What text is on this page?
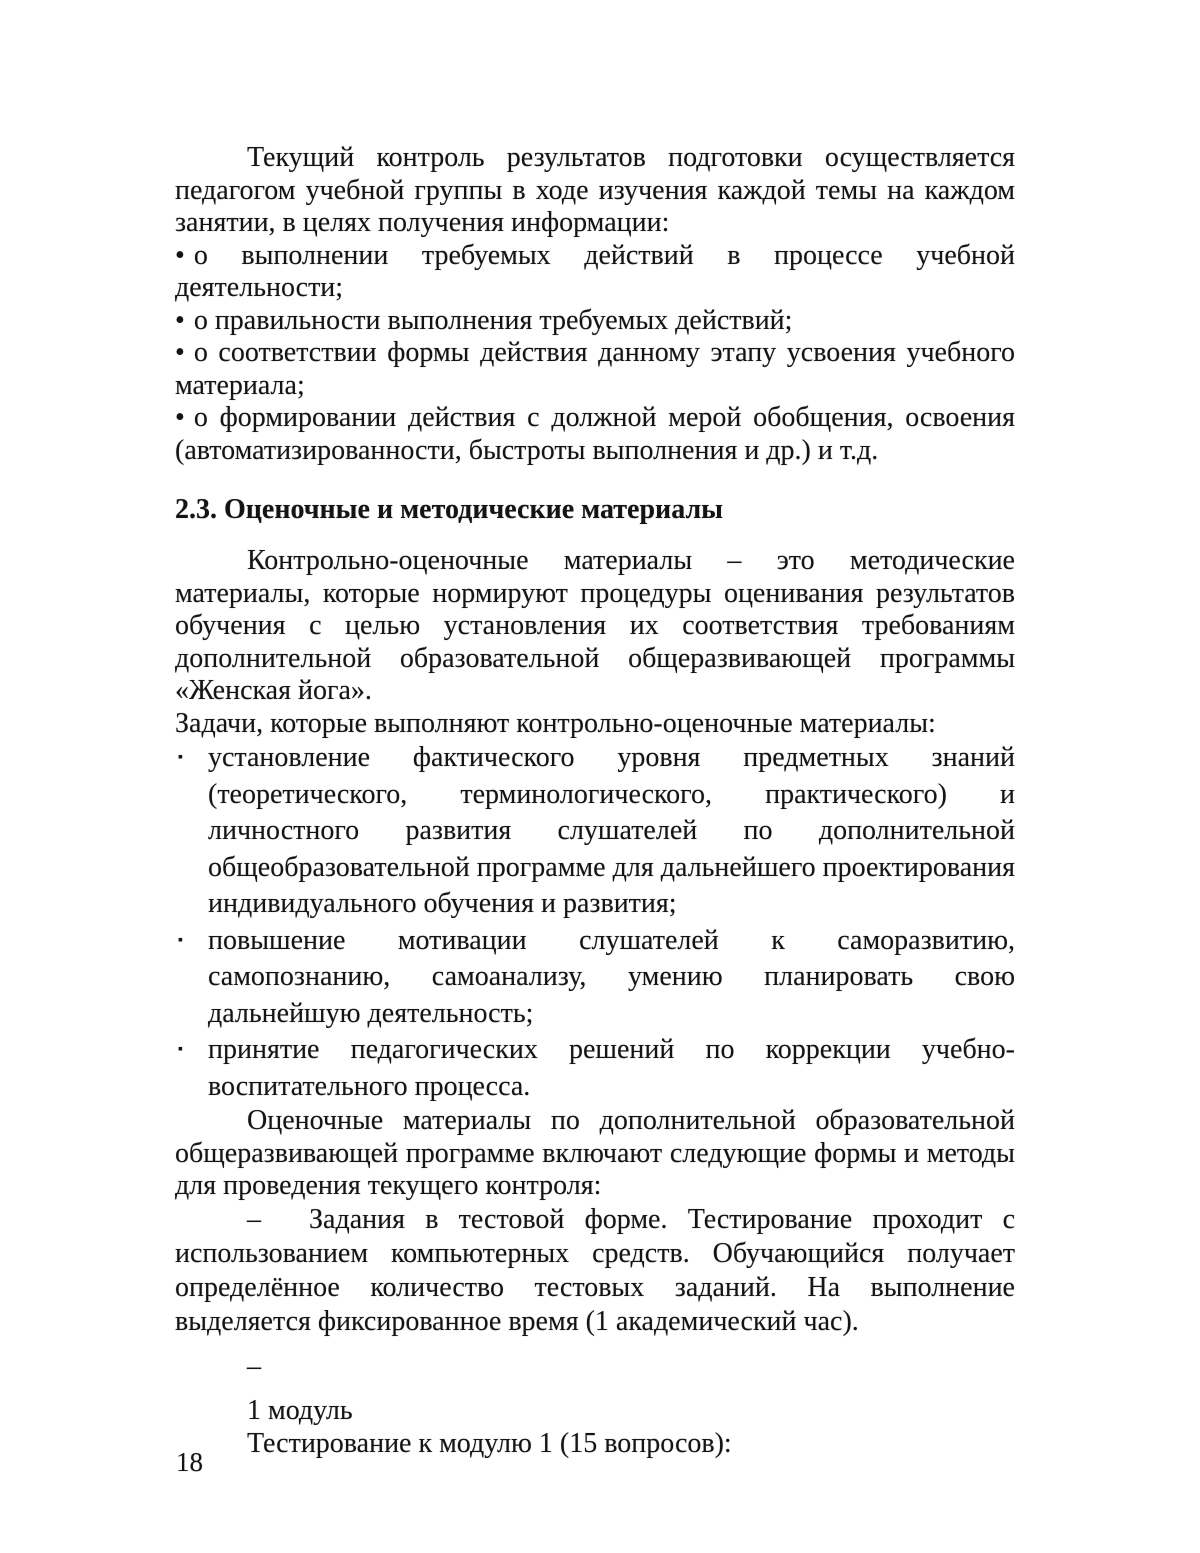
Текущий контроль результатов подготовки осуществляется педагогом учебной группы в ходе изучения каждой темы на каждом занятии, в целях получения информации:

• о выполнении требуемых действий в процессе учебной деятельности;

• о правильности выполнения требуемых действий;

• о соответствии формы действия данному этапу усвоения учебного материала;

• о формировании действия с должной мерой обобщения, освоения (автоматизированности, быстроты выполнения и др.) и т.д.

2.3. Оценочные и методические материалы

Контрольно-оценочные материалы – это методические материалы, которые нормируют процедуры оценивания результатов обучения с целью установления их соответствия требованиям дополнительной образовательной общеразвивающей программы «Женская йога».

Задачи, которые выполняют контрольно-оценочные материалы:

▪ установление фактического уровня предметных знаний (теоретического, терминологического, практического) и личностного развития слушателей по дополнительной общеобразовательной программе для дальнейшего проектирования индивидуального обучения и развития;
▪ повышение мотивации слушателей к саморазвитию, самопознанию, самоанализу, умению планировать свою дальнейшую деятельность;
▪ принятие педагогических решений по коррекции учебно-воспитательного процесса.

Оценочные материалы по дополнительной образовательной общеразвивающей программе включают следующие формы и методы для проведения текущего контроля:

– Задания в тестовой форме. Тестирование проходит с использованием компьютерных средств. Обучающийся получает определённое количество тестовых заданий. На выполнение выделяется фиксированное время (1 академический час).

–

1 модуль

Тестирование к модулю 1 (15 вопросов):

18
